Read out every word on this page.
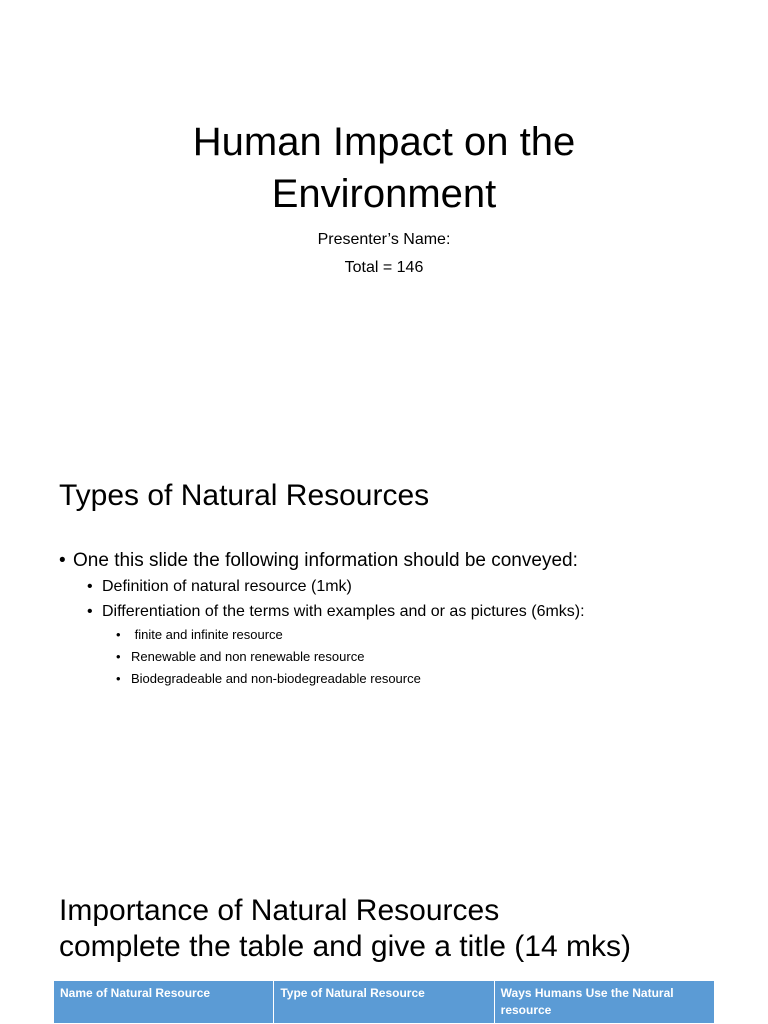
Human Impact on the
Environment
Presenter’s Name:
Total = 146
Types of Natural Resources
• One this slide the following information should be conveyed:
• Definition of natural resource (1mk)
• Differentiation of the terms with examples and or as pictures (6mks):
•  finite and infinite resource
• Renewable and non renewable resource
• Biodegradeable and non-biodegreadable resource
Importance of Natural Resources
complete the table and give a title (14 mks)
Name of Natural Resource	Type of Natural Resource	Ways Humans Use the Natural resource
